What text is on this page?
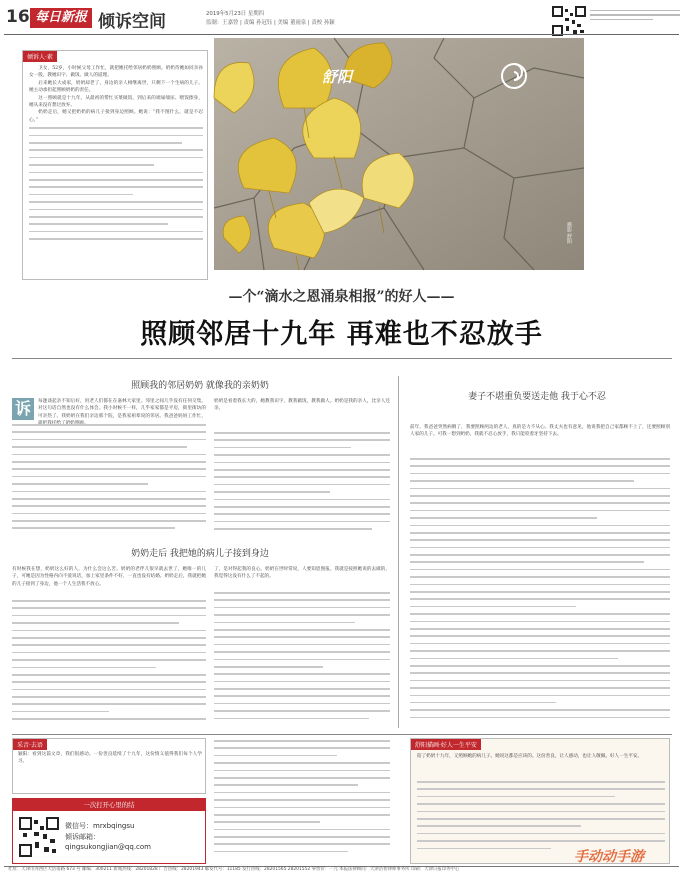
16 每日新报 倾诉空间	2019年5月23日 星期四
监制：王嘉曾 | 责编 孙冠钰 | 美编 董雨泉 | 责校 孙颖
倾诉人·素

卫女，52岁，小时候父母工作忙，就把她托给邻居奶奶照顾。奶奶待她如同亲孙女一般，教她识字、做饭、做人的道理。

后来她长大成家，奶奶却老了，身边的亲人相继离世，只剩下一个生病的儿子。她主动承担起照顾奶奶的责任。

这一照顾就是十九年。从最初的帮忙买菜做饭，到后来的端屎端尿、喂饭擦身，她从来没有想过放弃。

奶奶走后，她又把奶奶的病儿子接到身边照顾。她说：“我不图什么，就是不忍心。”

舒阳
摄影 舒阳
—个“滴水之恩涌泉相报”的好人——
照顾邻居十九年 再难也不忍放手
照顾我的邻居奶奶 就像我的亲奶奶
诉	每逢谈起亲不知后好，用老人们都在在嘉林大家里。邻里之间几乎没有任何交集，对这句话自然也没有什么体会。我小时候不一样，几乎家家都是平房，街里街坊的可亲热了。我奶奶在我们亲边那个院，是我家祖辈说的邻居。我爸爸妈妈工作忙，
奶奶是看着我长大的，她教我识字，教我做饭，教我做人。奶奶是我的亲人，比亲人还亲。
奶奶走后 我把她的病儿子接到身边
有时候我在想，奶奶这么好的人，为什么会这么苦。奶奶的老伴儿很早就去世了，她唯一的儿子，可她是因为性格内向不爱说话，加上家里条件不好，一直也没有结婚。奶奶走后，我就把她的儿子接到了身边，他一个人生活我不放心。
了，是对得起我的良心。奶奶在世时常说，人要知恩图报。我就是按照她说的去做的，我觉得这没有什么了不起的。
妻子不堪重负要送走他 我于心不忍
前年，我爸爸突然病倒了，我要照顾两边的老人，真的是力不从心。我丈夫也有意见，他说我把自己家都顾不上了，还要照顾别人家的儿子。可我一想到奶奶，我就不忍心放手，我只能咬着牙坚持下去。
采音·去语
颖阳：看到这篇文章，我们很感动。一份善良延续了十九年，这份情义值得我们每个人学习。
一次打开心里的结
微信号：mrxbqingsu
倾诉邮箱：
qingsukongjian@qq.com
舒阳描画·好人一生平安
陪了奶奶十九年，又照顾她的病儿子。她说这都是应该的。这份善良，让人感动，也让人敬佩。好人一生平安。
社址：天津市河西区大沽南路 673 号 邮编：300211 新闻热线：28201828 广告热线：28201943 邮发代号：11185 发行热线：28201565 28201552 零售价：一元 本报法律顾问：天津浩智律师事务所 印刷：天津日报印务中心
手动动手游
